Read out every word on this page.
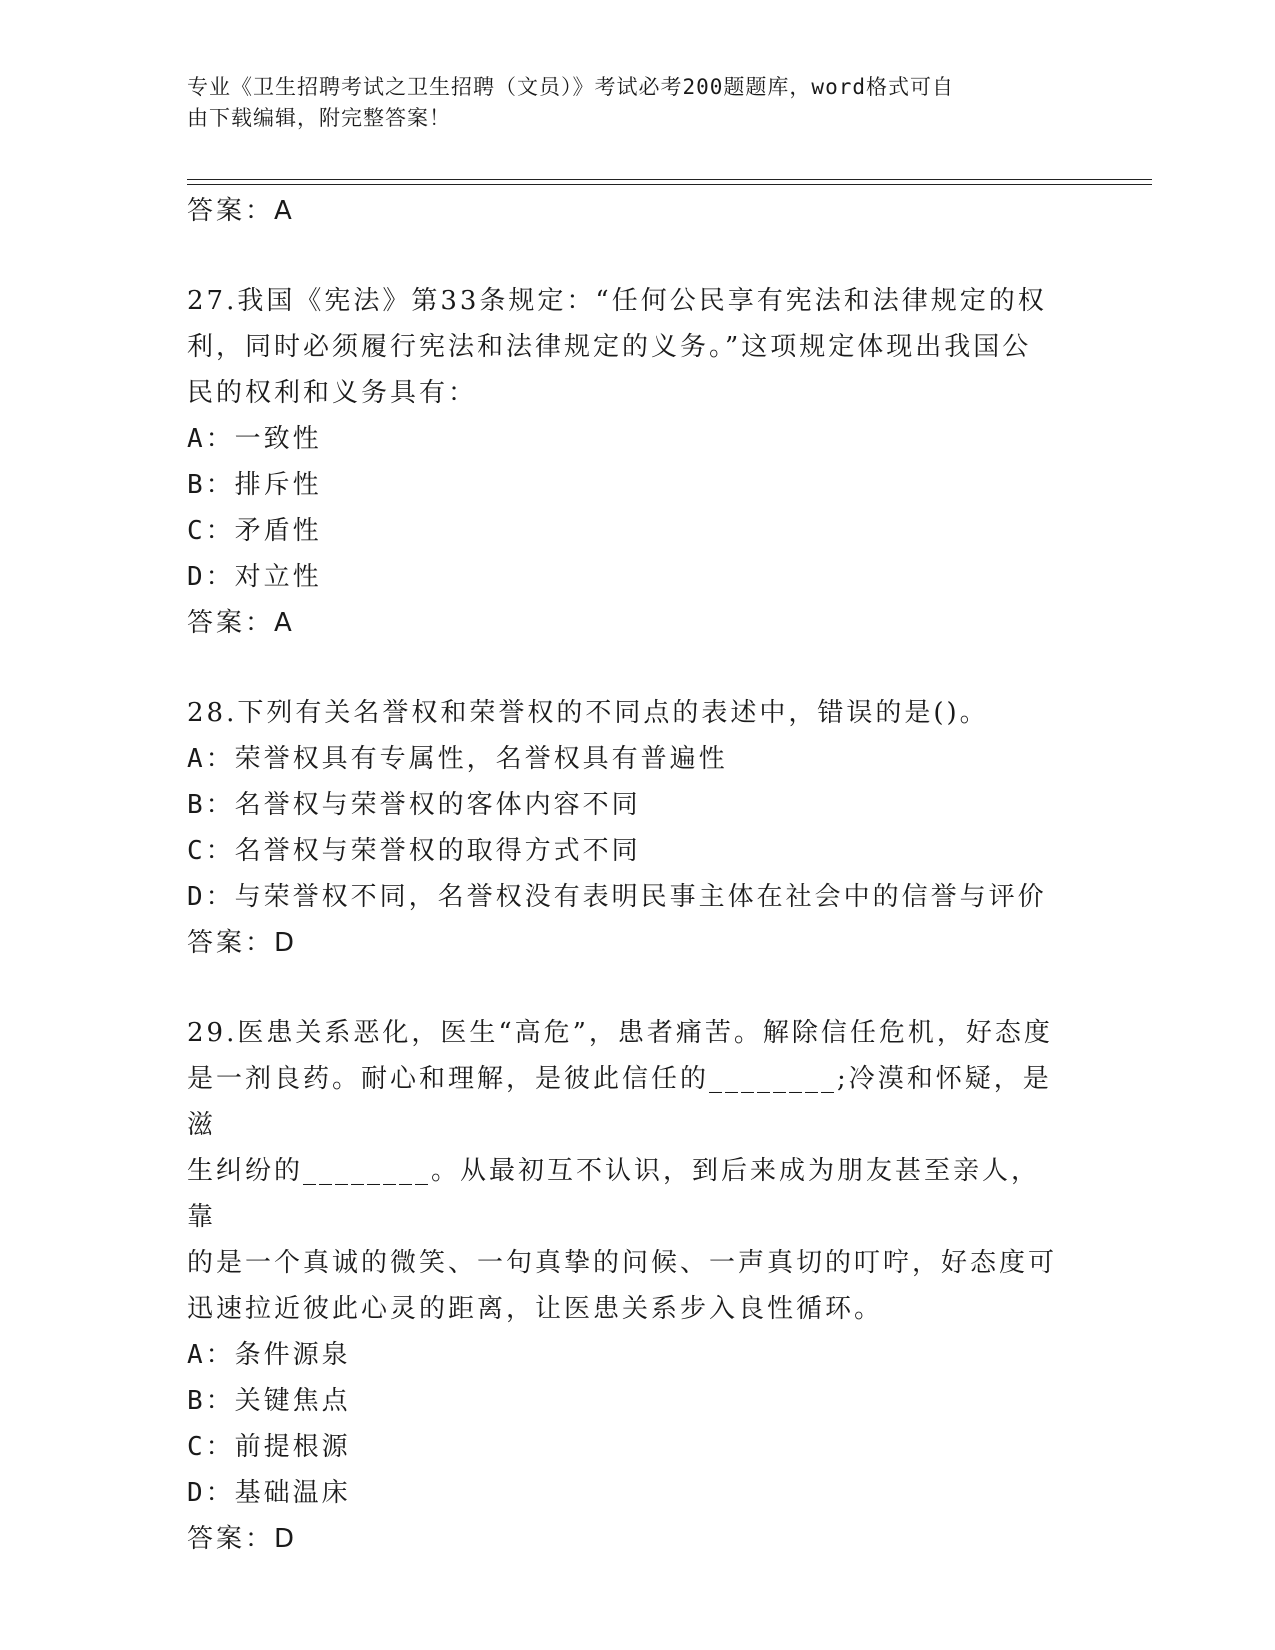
专业《卫生招聘考试之卫生招聘（文员）》考试必考200题题库，word格式可自
由下载编辑，附完整答案！
答案：A
27.我国《宪法》第33条规定：“任何公民享有宪法和法律规定的权
利，同时必须履行宪法和法律规定的义务。”这项规定体现出我国公
民的权利和义务具有：
A：一致性
B：排斥性
C：矛盾性
D：对立性
答案：A
28.下列有关名誉权和荣誉权的不同点的表述中，错误的是()。
A：荣誉权具有专属性，名誉权具有普遍性
B：名誉权与荣誉权的客体内容不同
C：名誉权与荣誉权的取得方式不同
D：与荣誉权不同，名誉权没有表明民事主体在社会中的信誉与评价
答案：D
29.医患关系恶化，医生“高危”，患者痛苦。解除信任危机，好态度
是一剂良药。耐心和理解，是彼此信任的________;冷漠和怀疑，是滋
生纠纷的________。从最初互不认识，到后来成为朋友甚至亲人，靠
的是一个真诚的微笑、一句真挚的问候、一声真切的叮咛，好态度可
迅速拉近彼此心灵的距离，让医患关系步入良性循环。
A：条件源泉
B：关键焦点
C：前提根源
D：基础温床
答案：D
